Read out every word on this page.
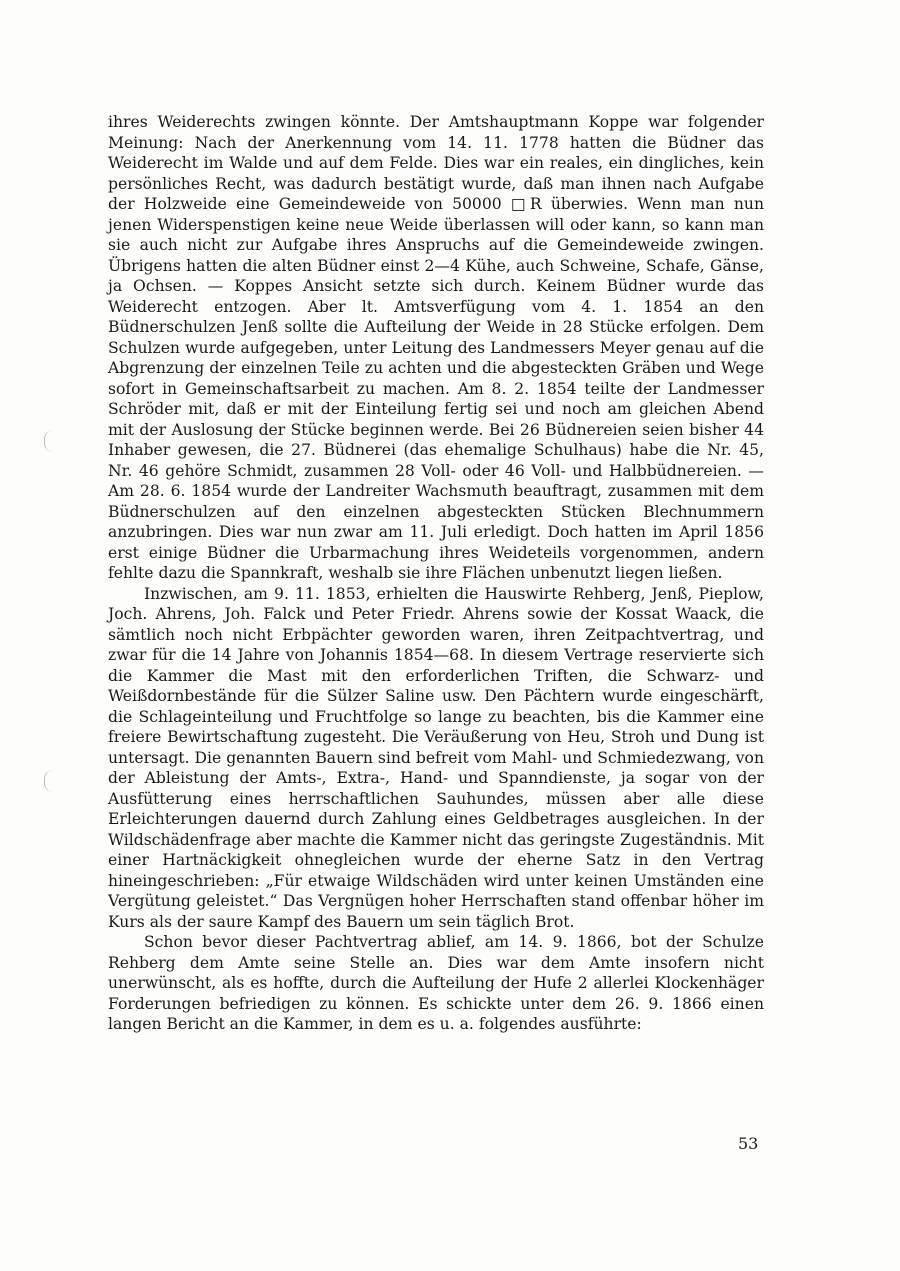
ihres Weiderechts zwingen könnte. Der Amtshauptmann Koppe war folgender Meinung: Nach der Anerkennung vom 14. 11. 1778 hatten die Büdner das Weiderecht im Walde und auf dem Felde. Dies war ein reales, ein dingliches, kein persönliches Recht, was dadurch bestätigt wurde, daß man ihnen nach Aufgabe der Holzweide eine Gemeindeweide von 50000 □R überwies. Wenn man nun jenen Widerspenstigen keine neue Weide überlassen will oder kann, so kann man sie auch nicht zur Aufgabe ihres Anspruchs auf die Gemeindeweide zwingen. Übrigens hatten die alten Büdner einst 2—4 Kühe, auch Schweine, Schafe, Gänse, ja Ochsen. — Koppes Ansicht setzte sich durch. Keinem Büdner wurde das Weiderecht entzogen. Aber lt. Amtsverfügung vom 4. 1. 1854 an den Büdnerschulzen Jenß sollte die Aufteilung der Weide in 28 Stücke erfolgen. Dem Schulzen wurde aufgegeben, unter Leitung des Landmessers Meyer genau auf die Abgrenzung der einzelnen Teile zu achten und die abgesteckten Gräben und Wege sofort in Gemeinschaftsarbeit zu machen. Am 8. 2. 1854 teilte der Landmesser Schröder mit, daß er mit der Einteilung fertig sei und noch am gleichen Abend mit der Auslosung der Stücke beginnen werde. Bei 26 Büdnereien seien bisher 44 Inhaber gewesen, die 27. Büdnerei (das ehemalige Schulhaus) habe die Nr. 45, Nr. 46 gehöre Schmidt, zusammen 28 Voll- oder 46 Voll- und Halbbüdnereien. — Am 28. 6. 1854 wurde der Landreiter Wachsmuth beauftragt, zusammen mit dem Büdnerschulzen auf den einzelnen abgesteckten Stücken Blechnummern anzubringen. Dies war nun zwar am 11. Juli erledigt. Doch hatten im April 1856 erst einige Büdner die Urbarmachung ihres Weideteils vorgenommen, andern fehlte dazu die Spannkraft, weshalb sie ihre Flächen unbenutzt liegen ließen.

Inzwischen, am 9. 11. 1853, erhielten die Hauswirte Rehberg, Jenß, Pieplow, Joch. Ahrens, Joh. Falck und Peter Friedr. Ahrens sowie der Kossat Waack, die sämtlich noch nicht Erbpächter geworden waren, ihren Zeitpachtvertrag, und zwar für die 14 Jahre von Johannis 1854—68. In diesem Vertrage reservierte sich die Kammer die Mast mit den erforderlichen Triften, die Schwarz- und Weißdornbestände für die Sülzer Saline usw. Den Pächtern wurde eingeschärft, die Schlageinteilung und Fruchtfolge so lange zu beachten, bis die Kammer eine freiere Bewirtschaftung zugesteht. Die Veräußerung von Heu, Stroh und Dung ist untersagt. Die genannten Bauern sind befreit vom Mahl- und Schmiedezwang, von der Ableistung der Amts-, Extra-, Hand- und Spanndienste, ja sogar von der Ausfütterung eines herrschaftlichen Sauhundes, müssen aber alle diese Erleichterungen dauernd durch Zahlung eines Geldbetrages ausgleichen. In der Wildschädenfrage aber machte die Kammer nicht das geringste Zugeständnis. Mit einer Hartnäckigkeit ohnegleichen wurde der eherne Satz in den Vertrag hineingeschrieben: „Für etwaige Wildschäden wird unter keinen Umständen eine Vergütung geleistet.“ Das Vergnügen hoher Herrschaften stand offenbar höher im Kurs als der saure Kampf des Bauern um sein täglich Brot.

Schon bevor dieser Pachtvertrag ablief, am 14. 9. 1866, bot der Schulze Rehberg dem Amte seine Stelle an. Dies war dem Amte insofern nicht unerwünscht, als es hoffte, durch die Aufteilung der Hufe 2 allerlei Klockenhäger Forderungen befriedigen zu können. Es schickte unter dem 26. 9. 1866 einen langen Bericht an die Kammer, in dem es u. a. folgendes ausführte:

53
